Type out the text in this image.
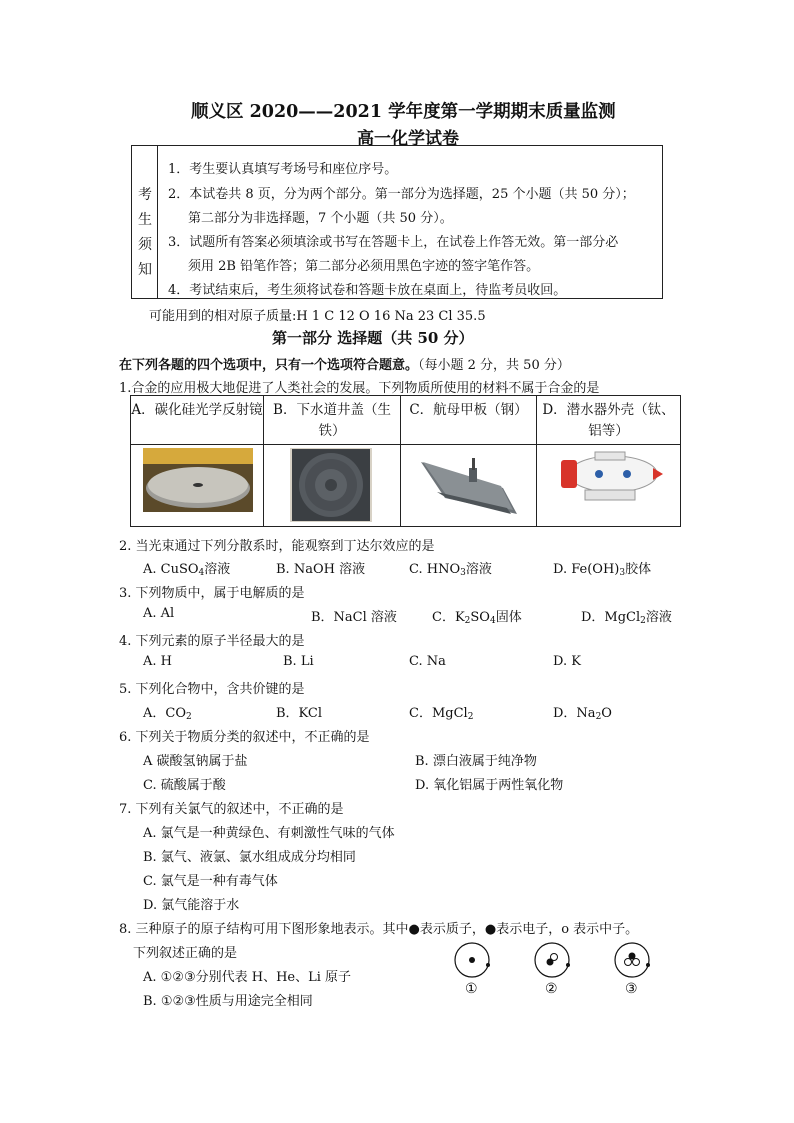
顺义区 2020——2021 学年度第一学期期末质量监测
高一化学试卷
考
生
须
知
1．考生要认真填写考场号和座位序号。
2．本试卷共 8 页，分为两个部分。第一部分为选择题，25 个小题（共 50 分）；
第二部分为非选择题，7 个小题（共 50 分）。
3．试题所有答案必须填涂或书写在答题卡上，在试卷上作答无效。第一部分必
须用 2B 铅笔作答；第二部分必须用黑色字迹的签字笔作答。
4．考试结束后，考生须将试卷和答题卡放在桌面上，待监考员收回。
可能用到的相对原子质量:H 1 C 12 O 16 Na 23 Cl 35.5
第一部分 选择题（共 50 分）
在下列各题的四个选项中，只有一个选项符合题意。（每小题 2 分，共 50 分）
1.合金的应用极大地促进了人类社会的发展。下列物质所使用的材料不属于合金的是
A．碳化硅光学反射镜 B．下水道井盖（生铁）
C．航母甲板（钢）	D．潜水器外壳（钛、铝等）
2. 当光束通过下列分散系时，能观察到丁达尔效应的是
A. CuSO$_4$溶液	B. NaOH 溶液	C. $HNO_3$溶液	D. $Fe(OH)_3$胶体
3. 下列物质中，属于电解质的是
A. Al	B．NaCl 溶液	C．$K_2SO_4$固体	D．MgCl$_2$溶液
4. 下列元素的原子半径最大的是
A. H	B. Li	C. Na	D. K
5. 下列化合物中，含共价键的是
A．$CO_2$	B．KCl	C．MgCl$_2$	D．$Na_2O$
6. 下列关于物质分类的叙述中，不正确的是
A 碳酸氢钠属于盐	B. 漂白液属于纯净物
C. 硫酸属于酸	D. 氧化铝属于两性氧化物
7. 下列有关氯气的叙述中，不正确的是
A. 氯气是一种黄绿色、有刺激性气味的气体
B. 氯气、液氯、氯水组成成分均相同
C. 氯气是一种有毒气体
D. 氯气能溶于水
8. 三种原子的原子结构可用下图形象地表示。其中●表示质子，●表示电子，o 表示中子。
下列叙述正确的是
A. ①②③分别代表 H、He、Li 原子
B. ①②③性质与用途完全相同
①	②	③
